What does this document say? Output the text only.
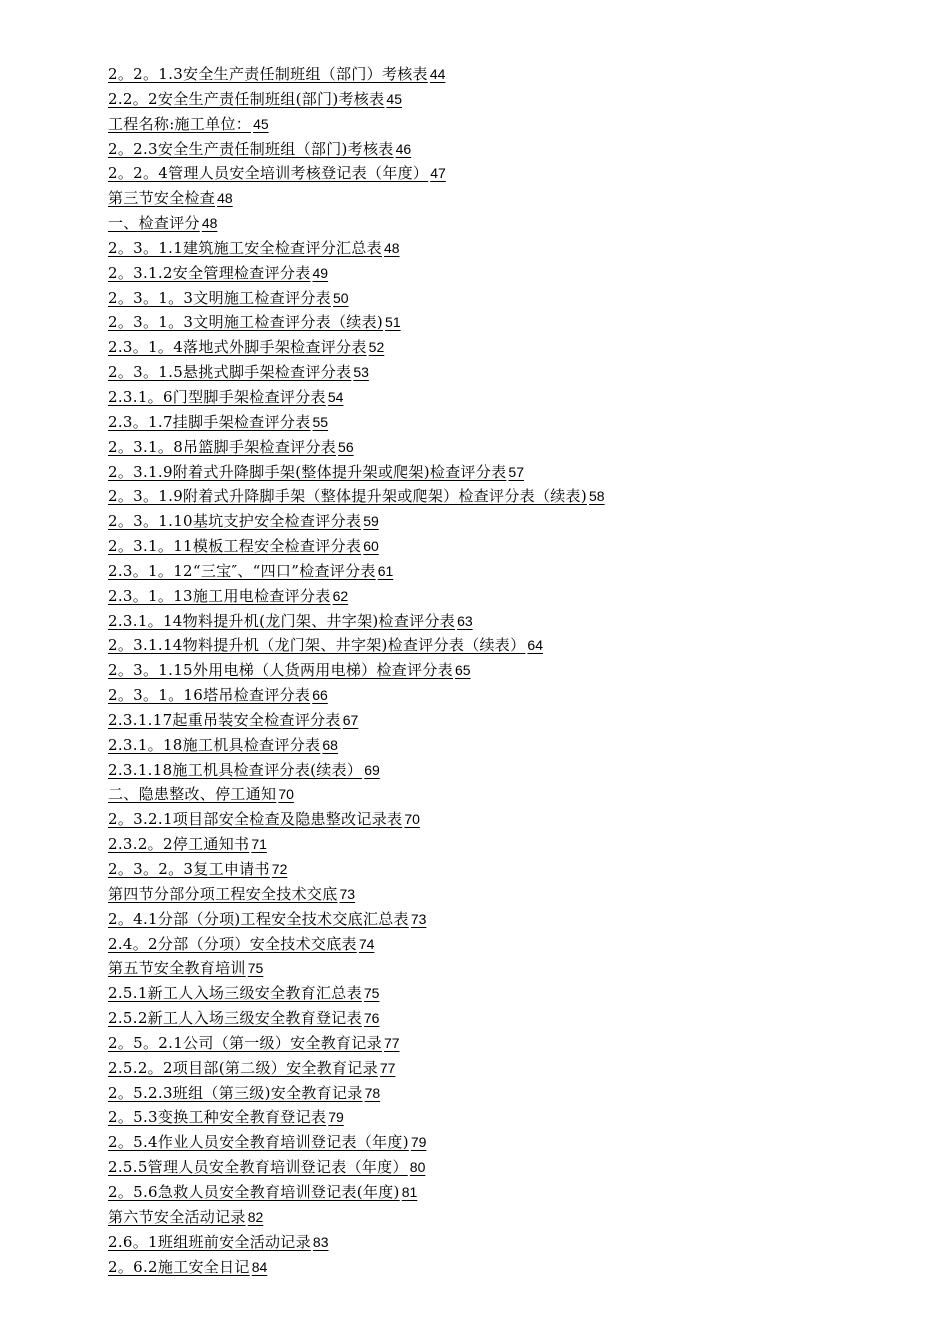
2。2。1.3安全生产责任制班组（部门）考核表 44
2.2。2安全生产责任制班组(部门)考核表 45
工程名称:施工单位： 45
2。2.3安全生产责任制班组（部门)考核表 46
2。2。4管理人员安全培训考核登记表（年度） 47
第三节安全检查 48
一、检查评分 48
2。3。1.1建筑施工安全检查评分汇总表 48
2。3.1.2安全管理检查评分表 49
2。3。1。3文明施工检查评分表 50
2。3。1。3文明施工检查评分表（续表) 51
2.3。1。4落地式外脚手架检查评分表 52
2。3。1.5悬挑式脚手架检查评分表 53
2.3.1。6门型脚手架检查评分表 54
2.3。1.7挂脚手架检查评分表 55
2。3.1。8吊篮脚手架检查评分表 56
2。3.1.9附着式升降脚手架(整体提升架或爬架)检查评分表 57
2。3。1.9附着式升降脚手架（整体提升架或爬架）检查评分表（续表) 58
2。3。1.10基坑支护安全检查评分表 59
2。3.1。11模板工程安全检查评分表 60
2.3。1。12“三宝″、“四口”检查评分表 61
2.3。1。13施工用电检查评分表 62
2.3.1。14物料提升机(龙门架、井字架)检查评分表 63
2。3.1.14物料提升机（龙门架、井字架)检查评分表（续表） 64
2。3。1.15外用电梯（人货两用电梯）检查评分表 65
2。3。1。16塔吊检查评分表 66
2.3.1.17起重吊装安全检查评分表 67
2.3.1。18施工机具检查评分表 68
2.3.1.18施工机具检查评分表(续表） 69
二、隐患整改、停工通知 70
2。3.2.1项目部安全检查及隐患整改记录表 70
2.3.2。2停工通知书 71
2。3。2。3复工申请书 72
第四节分部分项工程安全技术交底 73
2。4.1分部（分项)工程安全技术交底汇总表 73
2.4。2分部（分项）安全技术交底表 74
第五节安全教育培训 75
2.5.1新工人入场三级安全教育汇总表 75
2.5.2新工人入场三级安全教育登记表 76
2。5。2.1公司（第一级）安全教育记录 77
2.5.2。2项目部(第二级）安全教育记录 77
2。5.2.3班组（第三级)安全教育记录 78
2。5.3变换工种安全教育登记表 79
2。5.4作业人员安全教育培训登记表（年度) 79
2.5.5管理人员安全教育培训登记表（年度） 80
2。5.6急救人员安全教育培训登记表(年度) 81
第六节安全活动记录 82
2.6。1班组班前安全活动记录 83
2。6.2施工安全日记 84
